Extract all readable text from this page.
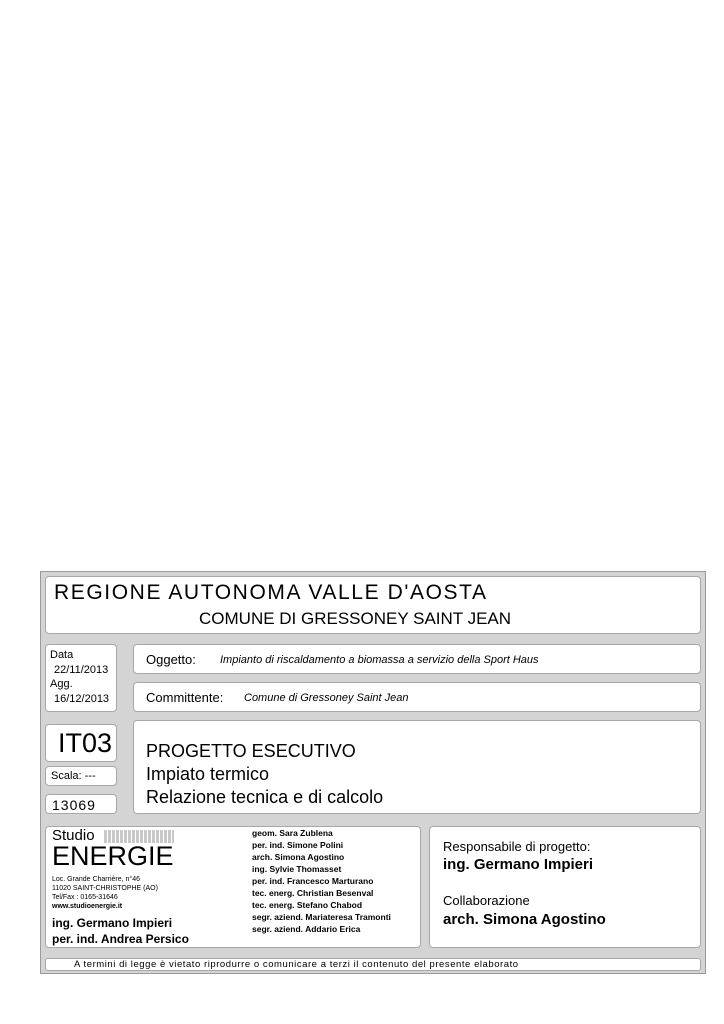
REGIONE AUTONOMA VALLE D'AOSTA
COMUNE DI GRESSONEY SAINT JEAN
Data
22/11/2013
Agg.
16/12/2013
Oggetto: Impianto di riscaldamento a biomassa a servizio della Sport Haus
Committente: Comune di Gressoney Saint Jean
IT03
Scala: ---
13069
PROGETTO ESECUTIVO
Impiato termico
Relazione tecnica e di calcolo
Studio
ENERGIE
Loc. Grande Charrière, n°46
11020 SAINT-CHRISTOPHE (AO)
Tel/Fax : 0165-31646
www.studioenergie.it
ing. Germano Impieri
per. ind. Andrea Persico
geom. Sara Zublena
per. ind. Simone Polini
arch. Simona Agostino
ing. Sylvie Thomasset
per. ind. Francesco Marturano
tec. energ. Christian Besenval
tec. energ. Stefano Chabod
segr. aziend. Mariateresa Tramonti
segr. aziend. Addario Erica
Responsabile di progetto:
ing. Germano Impieri
Collaborazione
arch. Simona Agostino
A termini di legge è vietato riprodurre o comunicare a terzi il contenuto del presente elaborato
